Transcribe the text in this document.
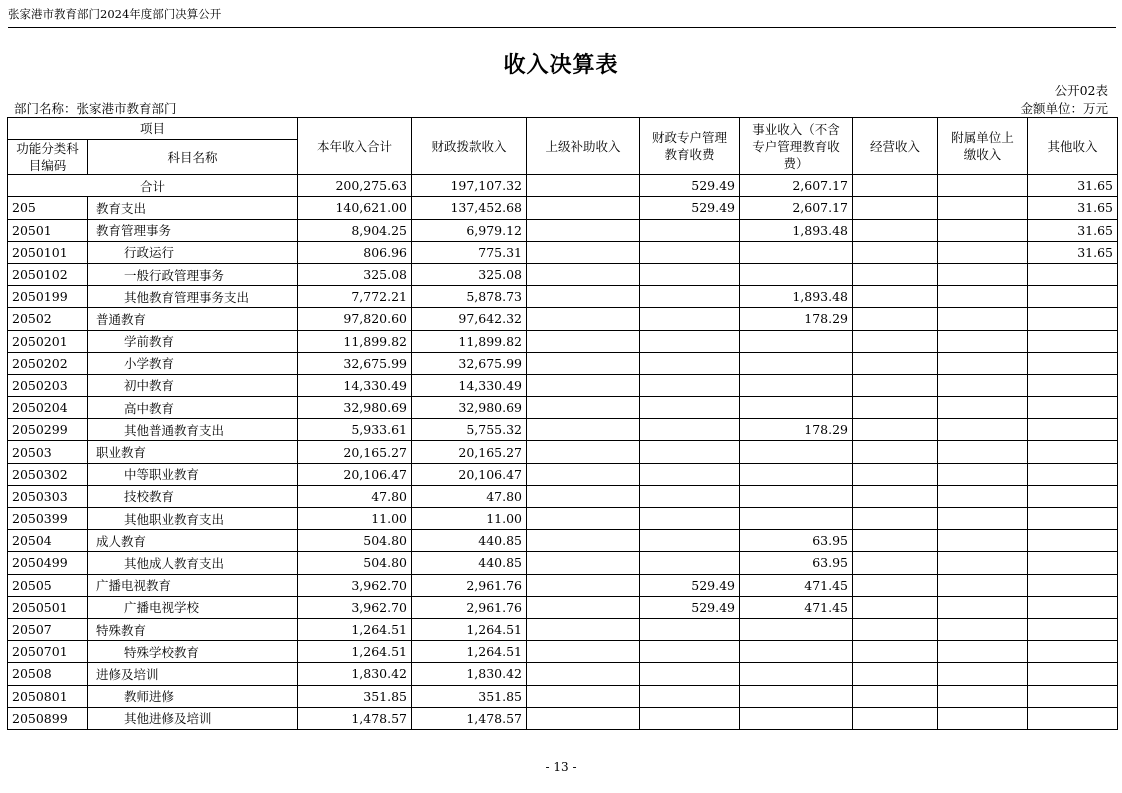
张家港市教育部门2024年度部门决算公开
收入决算表
公开02表
部门名称：张家港市教育部门	金额单位：万元
项目		本年收入合计	财政拨款收入	上级补助收入	财政专户管理教育收费	事业收入（不含专户管理教育收费）	经营收入	附属单位上缴收入	其他收入
功能分类科目编码	科目名称								
合计		200,275.63	197,107.32		529.49	2,607.17			31.65
205	教育支出	140,621.00	137,452.68		529.49	2,607.17			31.65
20501	教育管理事务	8,904.25	6,979.12			1,893.48			31.65
2050101	行政运行	806.96	775.31						31.65
2050102	一般行政管理事务	325.08	325.08						
2050199	其他教育管理事务支出	7,772.21	5,878.73			1,893.48			
20502	普通教育	97,820.60	97,642.32			178.29			
2050201	学前教育	11,899.82	11,899.82						
2050202	小学教育	32,675.99	32,675.99						
2050203	初中教育	14,330.49	14,330.49						
2050204	高中教育	32,980.69	32,980.69						
2050299	其他普通教育支出	5,933.61	5,755.32			178.29			
20503	职业教育	20,165.27	20,165.27						
2050302	中等职业教育	20,106.47	20,106.47						
2050303	技校教育	47.80	47.80						
2050399	其他职业教育支出	11.00	11.00						
20504	成人教育	504.80	440.85			63.95			
2050499	其他成人教育支出	504.80	440.85			63.95			
20505	广播电视教育	3,962.70	2,961.76		529.49	471.45			
2050501	广播电视学校	3,962.70	2,961.76		529.49	471.45			
20507	特殊教育	1,264.51	1,264.51						
2050701	特殊学校教育	1,264.51	1,264.51						
20508	进修及培训	1,830.42	1,830.42						
2050801	教师进修	351.85	351.85						
2050899	其他进修及培训	1,478.57	1,478.57						
- 13 -
